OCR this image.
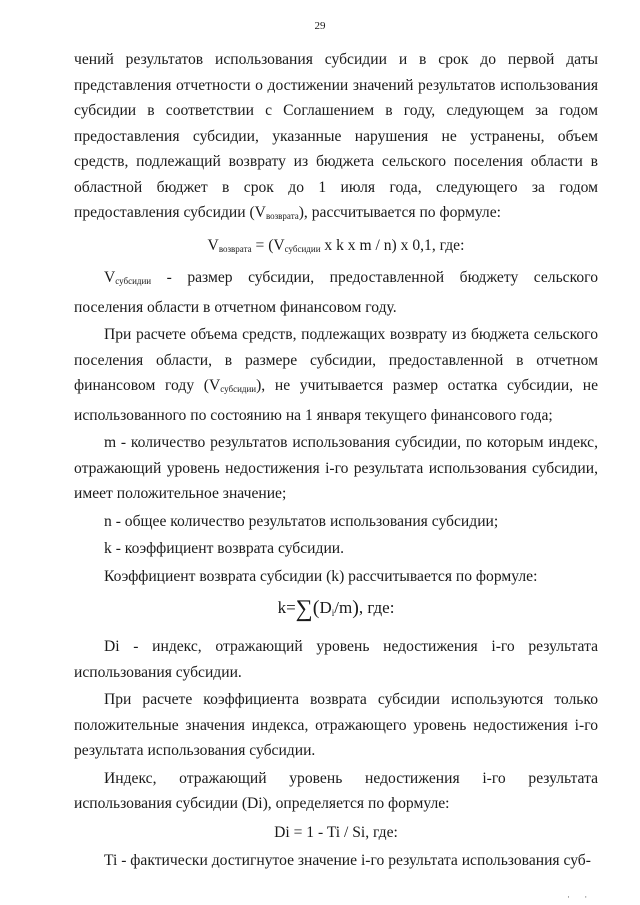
29

чений результатов использования субсидии и в срок до первой даты представления отчетности о достижении значений результатов использования субсидии в соответствии с Соглашением в году, следующем за годом предоставления субсидии, указанные нарушения не устранены, объем средств, подлежащий возврату из бюджета сельского поселения области в областной бюджет в срок до 1 июля года, следующего за годом предоставления субсидии $(V_{возврата})$, рассчитывается по формуле:

$V_{возврата} = (V_{субсидии}$ x k x m / n) x 0,1, где:

$V_{субсидии}$ - размер субсидии, предоставленной бюджету сельского поселения области в отчетном финансовом году.

При расчете объема средств, подлежащих возврату из бюджета сельского поселения области, в размере субсидии, предоставленной в отчетном финансовом году $(V_{субсидии})$, не учитывается размер остатка субсидии, не использованного по состоянию на 1 января текущего финансового года;

m - количество результатов использования субсидии, по которым индекс, отражающий уровень недостижения i-го результата использования субсидии, имеет положительное значение;

n - общее количество результатов использования субсидии;

k - коэффициент возврата субсидии.

Коэффициент возврата субсидии (k) рассчитывается по формуле:

k=∑(Di/m), где:

Di - индекс, отражающий уровень недостижения i-го результата использования субсидии.

При расчете коэффициента возврата субсидии используются только положительные значения индекса, отражающего уровень недостижения i-го результата использования субсидии.

Индекс, отражающий уровень недостижения i-го результата использования субсидии (Di), определяется по формуле:

Di = 1 - Ti / Si, где:

Ti - фактически достигнутое значение i-го результата использования суб-

· ·
